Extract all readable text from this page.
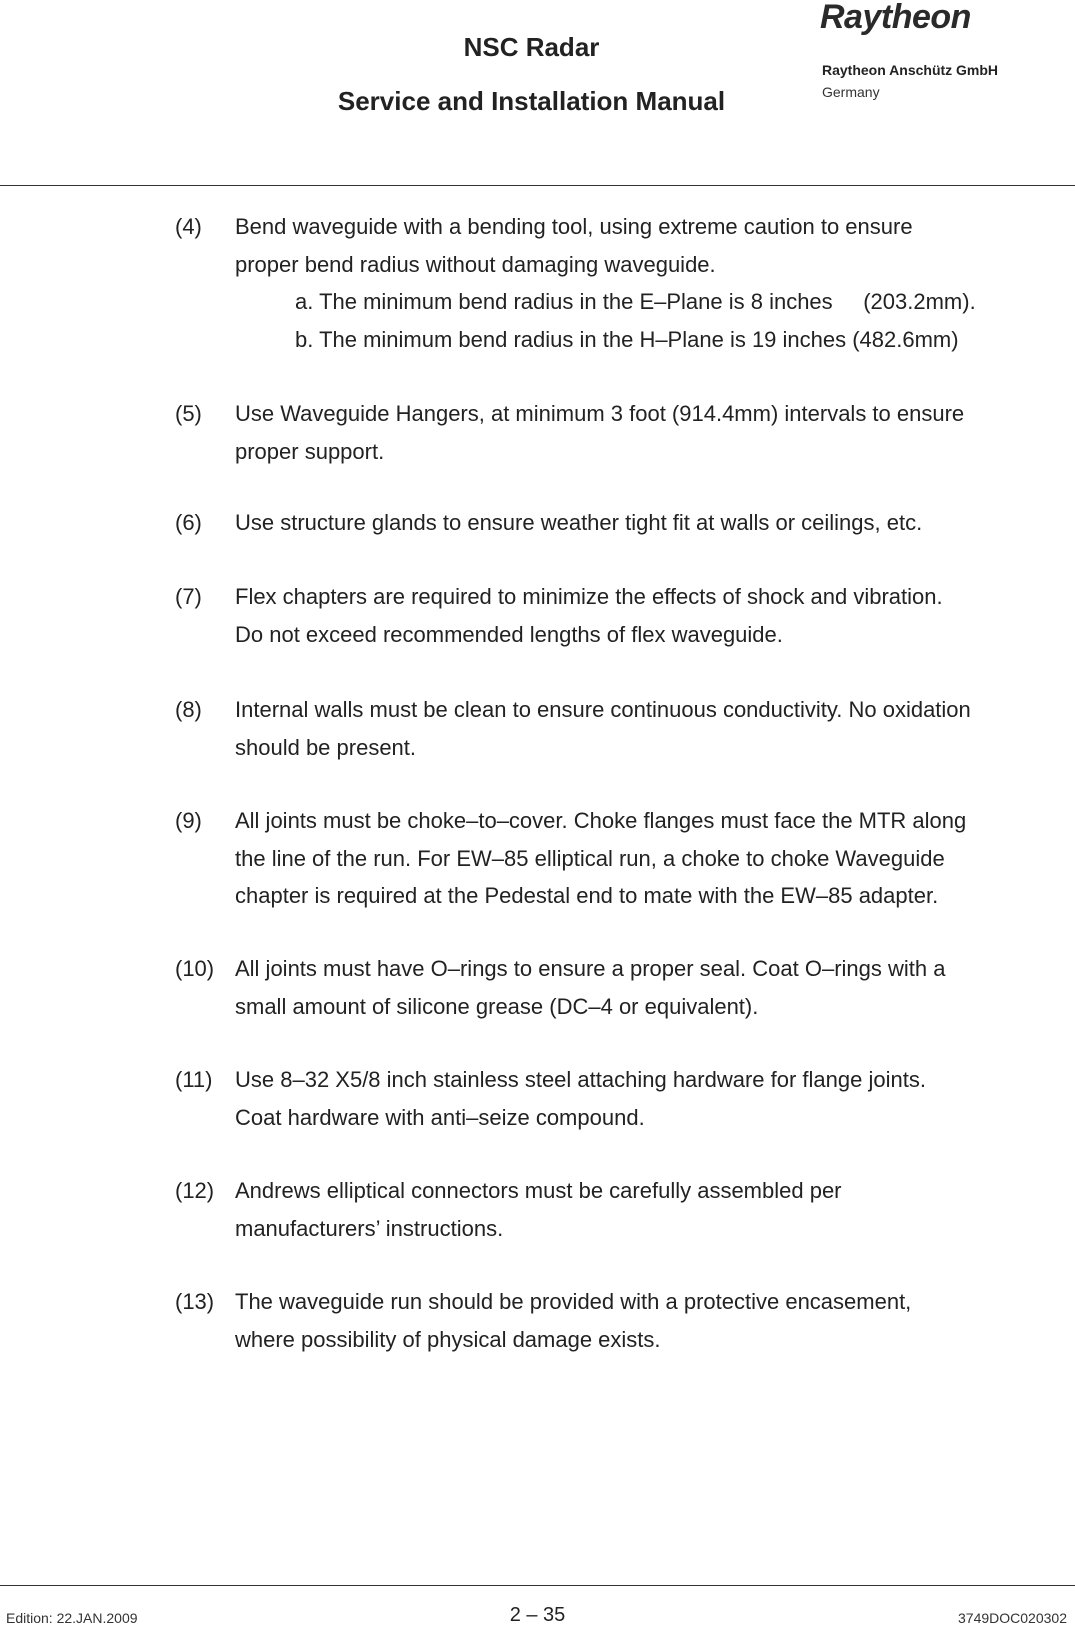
NSC Radar
Service and Installation Manual
Raytheon
Raytheon Anschütz GmbH
Germany
(4) Bend waveguide with a bending tool, using extreme caution to ensure
proper bend radius without damaging waveguide.
a. The minimum bend radius in the E–Plane is 8 inches     (203.2mm).
b. The minimum bend radius in the H–Plane is 19 inches (482.6mm)
(5) Use Waveguide Hangers, at minimum 3 foot (914.4mm) intervals to ensure
proper support.
(6) Use structure glands to ensure weather tight fit at walls or ceilings, etc.
(7) Flex chapters are required to minimize the effects of shock and vibration.
Do not exceed recommended lengths of flex waveguide.
(8) Internal walls must be clean to ensure continuous conductivity. No oxidation
should be present.
(9) All joints must be choke–to–cover. Choke flanges must face the MTR along
the line of the run. For EW–85 elliptical run, a choke to choke Waveguide
chapter is required at the Pedestal end to mate with the EW–85 adapter.
(10) All joints must have O–rings to ensure a proper seal. Coat O–rings with a
small amount of silicone grease (DC–4 or equivalent).
(11) Use 8–32 X5/8 inch stainless steel attaching hardware for flange joints.
Coat hardware with anti–seize compound.
(12) Andrews elliptical connectors must be carefully assembled per
manufacturers’ instructions.
(13) The waveguide run should be provided with a protective encasement,
where possibility of physical damage exists.
Edition: 22.JAN.2009	2 – 35	3749DOC020302
